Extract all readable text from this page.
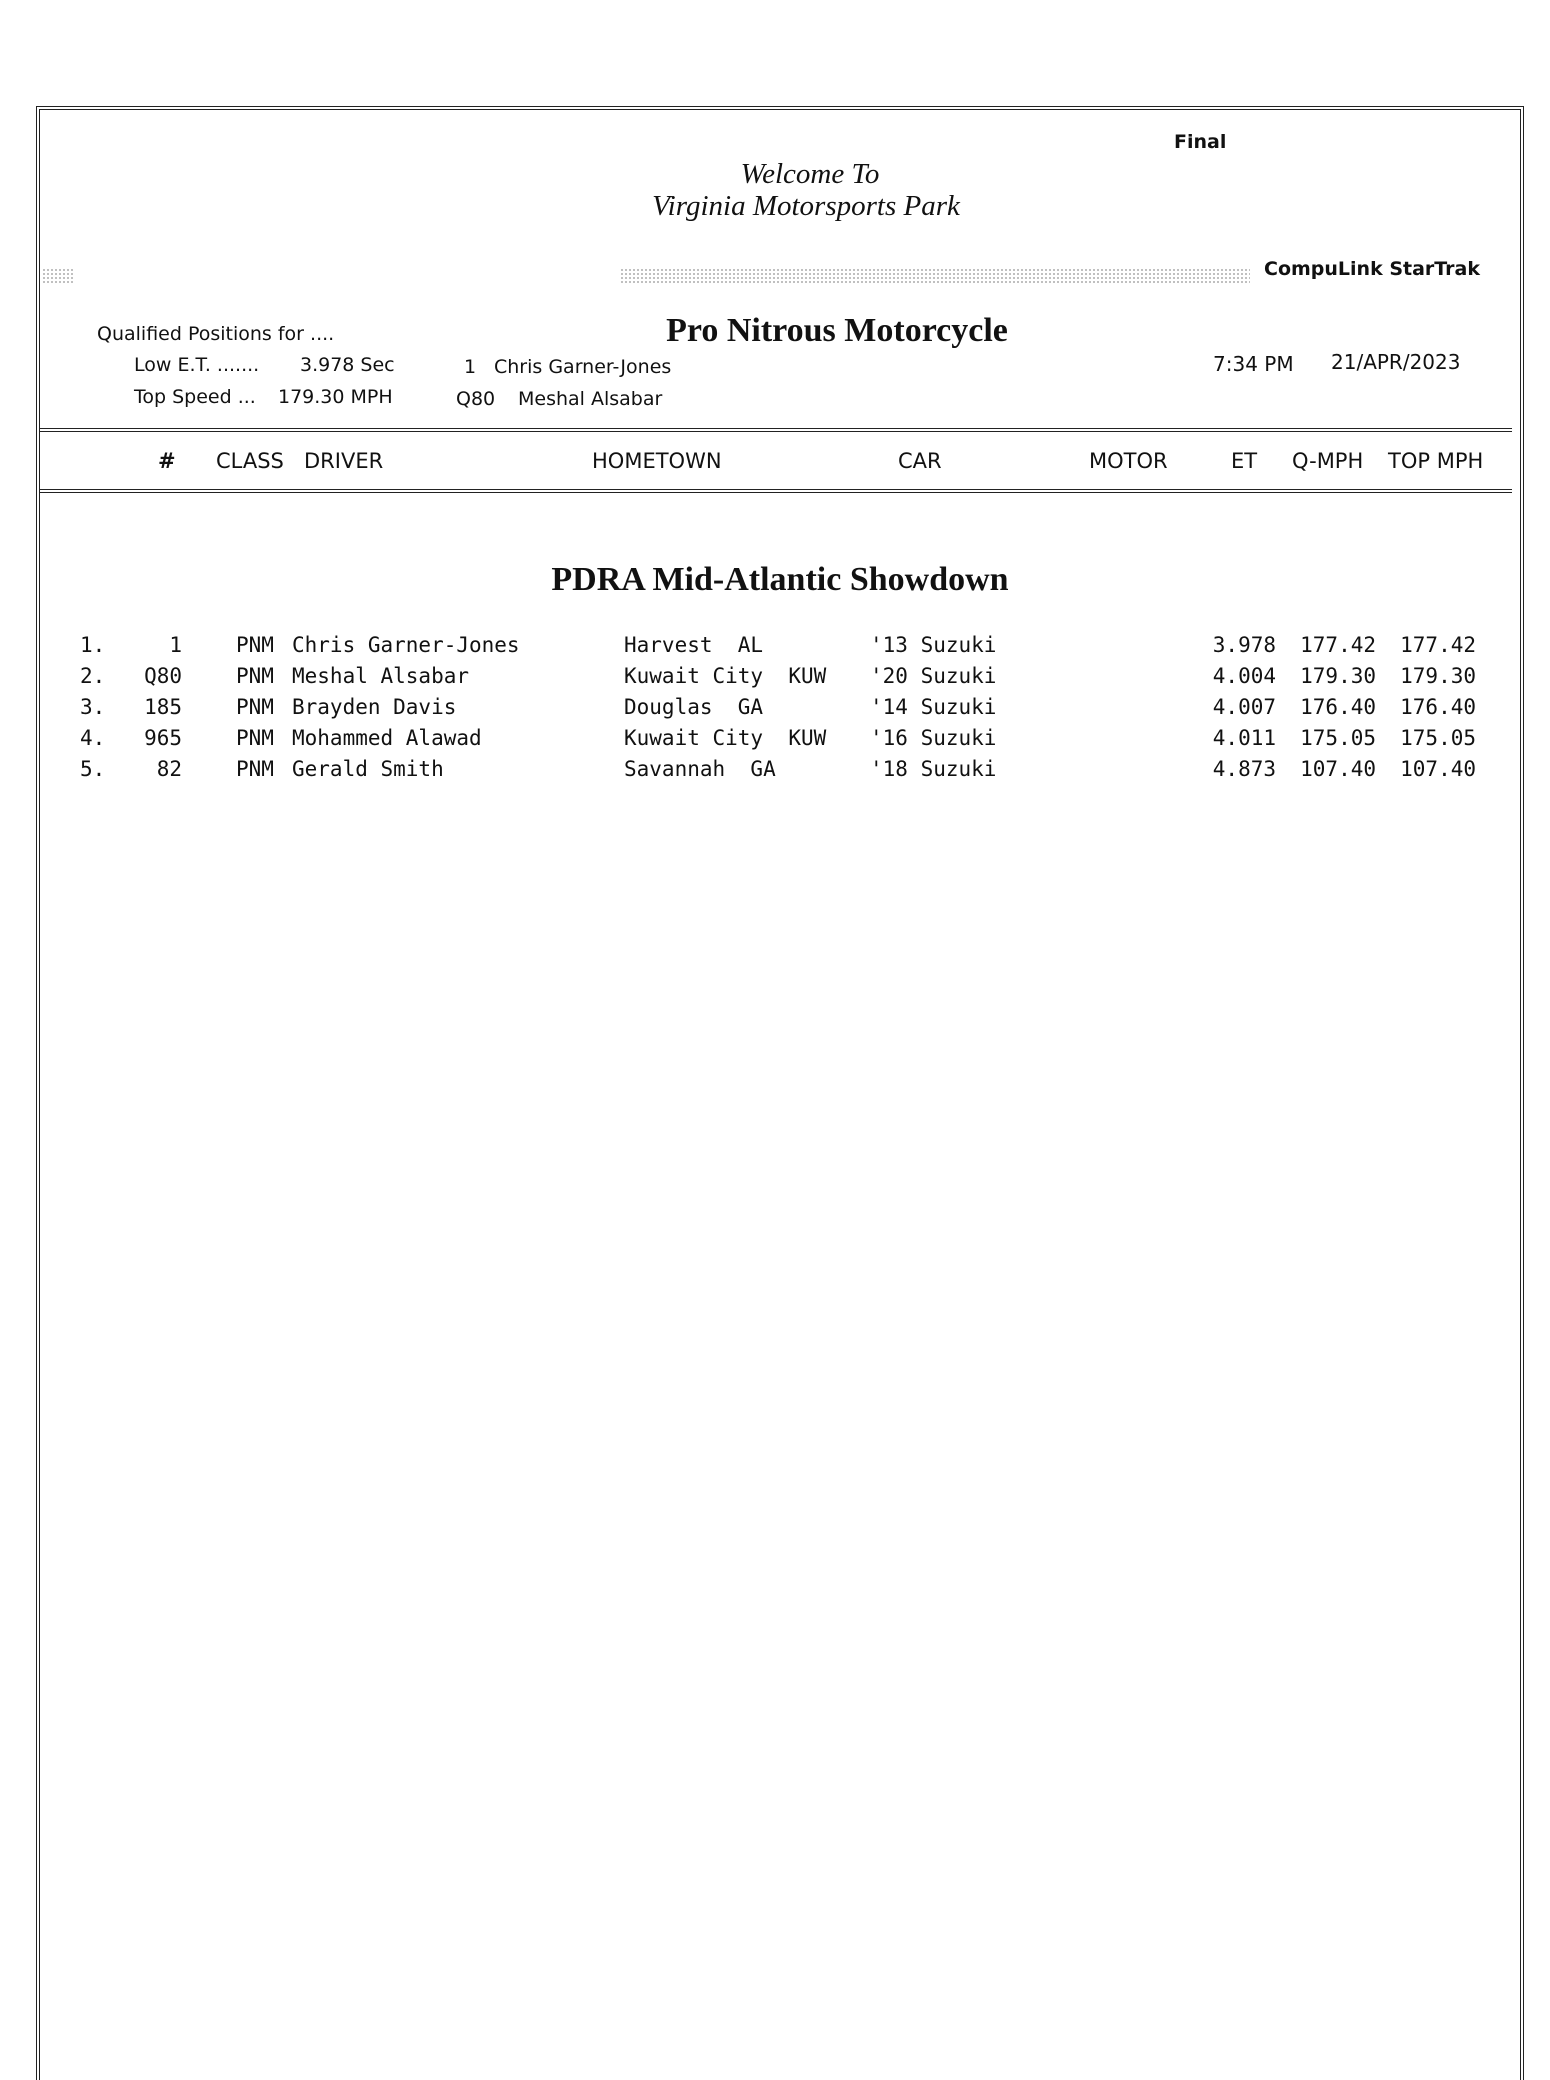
Final
Welcome To
Virginia Motorsports Park
CompuLink StarTrak
Qualified Positions for ....
Low E.T. ....... 3.978 Sec	1 Chris Garner-Jones
Top Speed ... 179.30 MPH	Q80 Meshal Alsabar
Pro Nitrous Motorcycle
7:34 PM 21/APR/2023
# CLASS DRIVER	HOMETOWN	CAR	MOTOR	ET Q-MPH TOP MPH
PDRA Mid-Atlantic Showdown
1.	1	PNM Chris Garner-Jones	Harvest  AL	'13 Suzuki	3.978	177.42	177.42
2.	Q80	PNM Meshal Alsabar	Kuwait City  KUW '20 Suzuki	4.004	179.30	179.30
3.	185	PNM Brayden Davis	Douglas  GA	'14 Suzuki	4.007	176.40	176.40
4.	965	PNM Mohammed Alawad	Kuwait City  KUW '16 Suzuki	4.011	175.05	175.05
5.	82	PNM Gerald Smith	Savannah  GA	'18 Suzuki	4.873	107.40	107.40
